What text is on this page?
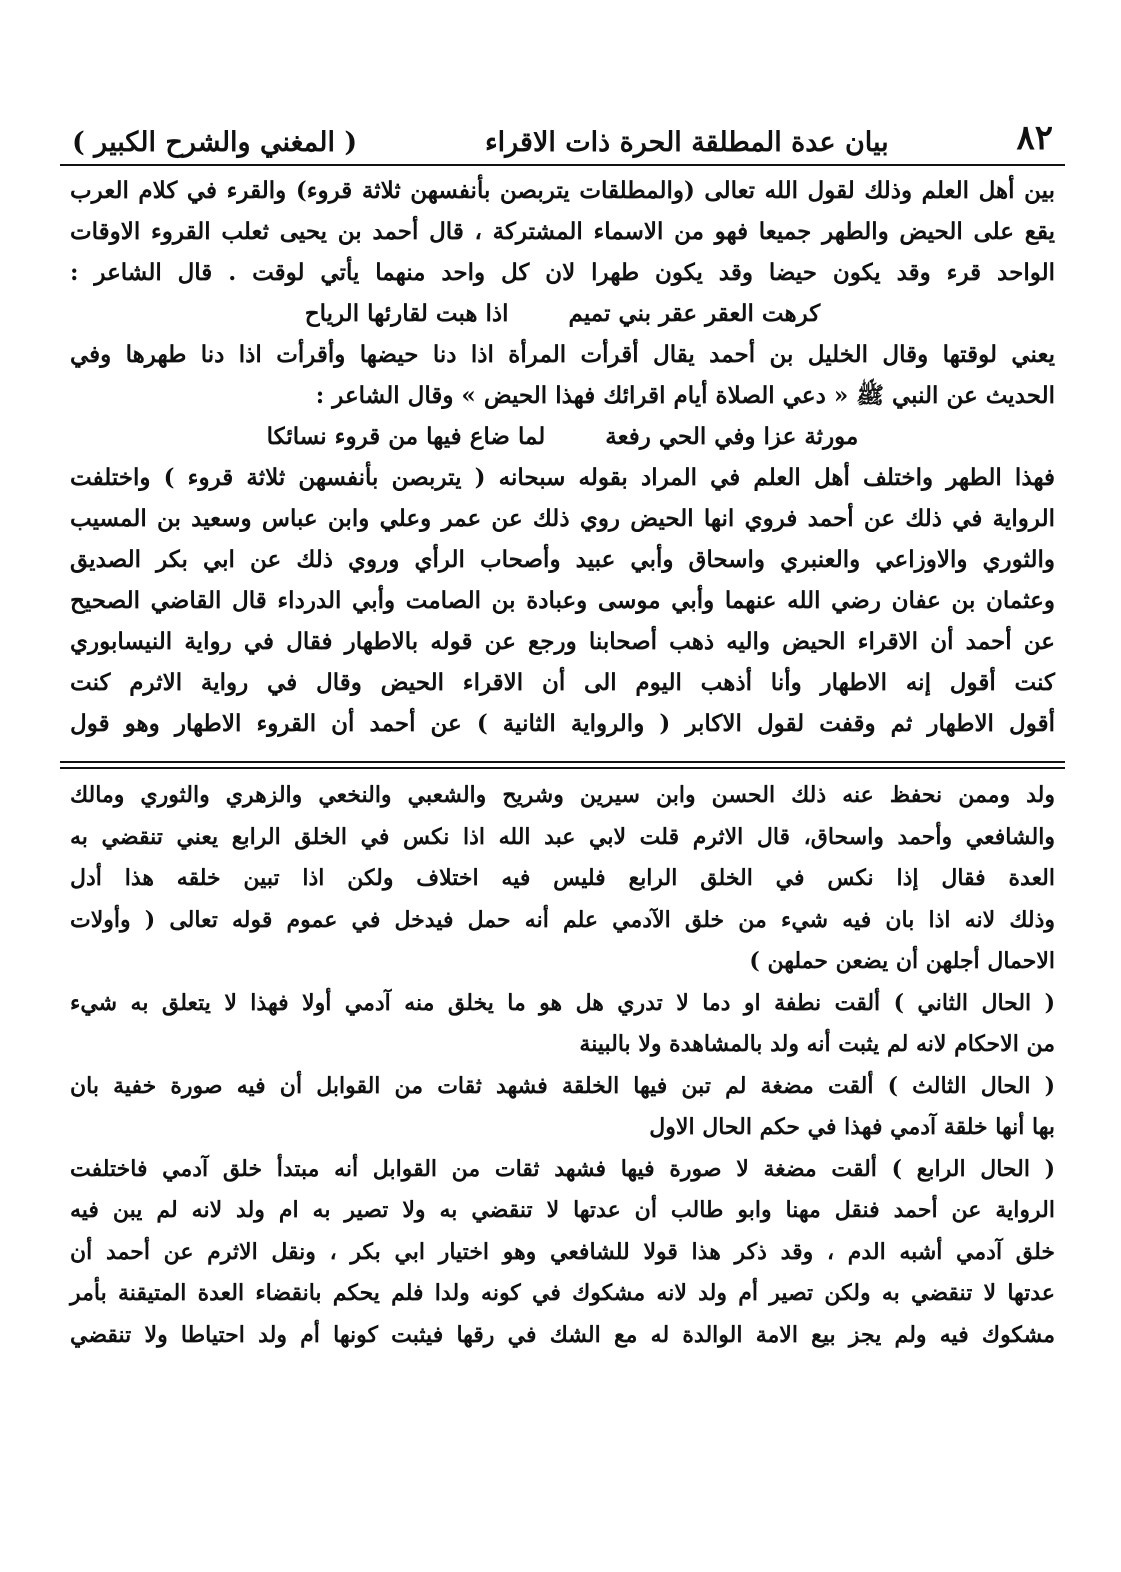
٨٢
بيان عدة المطلقة الحرة ذات الاقراء
( المغني والشرح الكبير )
بين أهل العلم وذلك لقول الله تعالى (والمطلقات يتربصن بأنفسهن ثلاثة قروء) والقرء في كلام العرب
يقع على الحيض والطهر جميعا فهو من الاسماء المشتركة ، قال أحمد بن يحيى ثعلب القروء الاوقات
الواحد قرء وقد يكون حيضا وقد يكون طهرا لان كل واحد منهما يأتي لوقت . قال الشاعر :
كرهت العقر عقر بني تميم
اذا هبت لقارئها الرياح
يعني لوقتها وقال الخليل بن أحمد يقال أقرأت المرأة اذا دنا حيضها وأقرأت اذا دنا طهرها وفي
الحديث عن النبي ﷺ « دعي الصلاة أيام اقرائك فهذا الحيض » وقال الشاعر :
مورثة عزا وفي الحي رفعة
لما ضاع فيها من قروء نسائكا
فهذا الطهر واختلف أهل العلم في المراد بقوله سبحانه ( يتربصن بأنفسهن ثلاثة قروء ) واختلفت
الرواية في ذلك عن أحمد فروي انها الحيض روي ذلك عن عمر وعلي وابن عباس وسعيد بن المسيب
والثوري والاوزاعي والعنبري واسحاق وأبي عبيد وأصحاب الرأي وروي ذلك عن ابي بكر الصديق
وعثمان بن عفان رضي الله عنهما وأبي موسى وعبادة بن الصامت وأبي الدرداء قال القاضي الصحيح
عن أحمد أن الاقراء الحيض واليه ذهب أصحابنا ورجع عن قوله بالاطهار فقال في رواية النيسابوري
كنت أقول إنه الاطهار وأنا أذهب اليوم الى أن الاقراء الحيض وقال في رواية الاثرم كنت
أقول الاطهار ثم وقفت لقول الاكابر ( والرواية الثانية ) عن أحمد أن القروء الاطهار وهو قول
ولد وممن نحفظ عنه ذلك الحسن وابن سيرين وشريح والشعبي والنخعي والزهري والثوري ومالك
والشافعي وأحمد واسحاق، قال الاثرم قلت لابي عبد الله اذا نكس في الخلق الرابع يعني تنقضي به
العدة فقال إذا نكس في الخلق الرابع فليس فيه اختلاف ولكن اذا تبين خلقه هذا أدل
وذلك لانه اذا بان فيه شيء من خلق الآدمي علم أنه حمل فيدخل في عموم قوله تعالى ( وأولات
الاحمال أجلهن أن يضعن حملهن )
( الحال الثاني ) ألقت نطفة او دما لا تدري هل هو ما يخلق منه آدمي أولا فهذا لا يتعلق به شيء
من الاحكام لانه لم يثبت أنه ولد بالمشاهدة ولا بالبينة
( الحال الثالث ) ألقت مضغة لم تبن فيها الخلقة فشهد ثقات من القوابل أن فيه صورة خفية بان
بها أنها خلقة آدمي فهذا في حكم الحال الاول
( الحال الرابع ) ألقت مضغة لا صورة فيها فشهد ثقات من القوابل أنه مبتدأ خلق آدمي فاختلفت
الرواية عن أحمد فنقل مهنا وابو طالب أن عدتها لا تنقضي به ولا تصير به ام ولد لانه لم يبن فيه
خلق آدمي أشبه الدم ، وقد ذكر هذا قولا للشافعي وهو اختيار ابي بكر ، ونقل الاثرم عن أحمد أن
عدتها لا تنقضي به ولكن تصير أم ولد لانه مشكوك في كونه ولدا فلم يحكم بانقضاء العدة المتيقنة بأمر
مشكوك فيه ولم يجز بيع الامة الوالدة له مع الشك في رقها فيثبت كونها أم ولد احتياطا ولا تنقضي
